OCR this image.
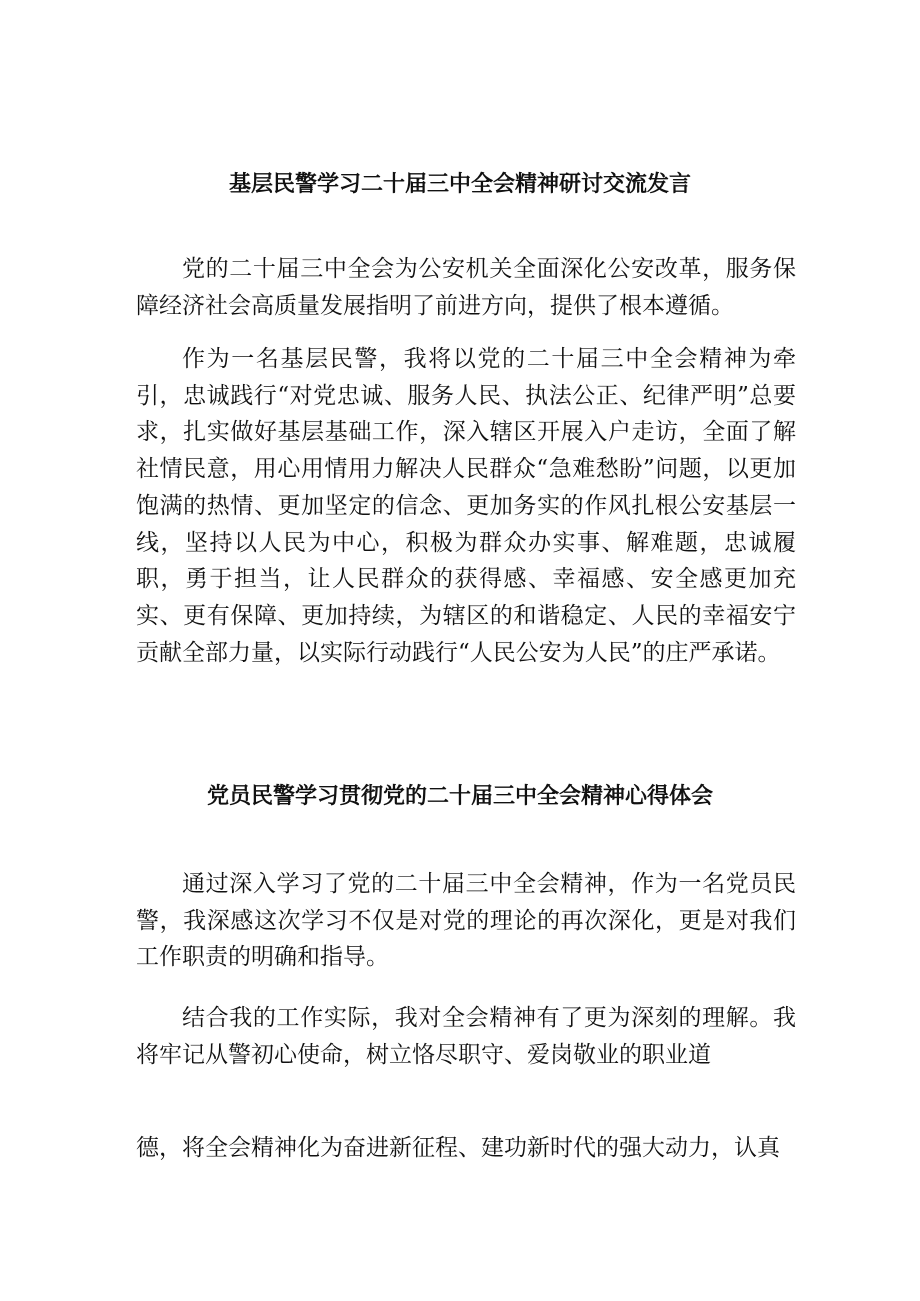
基层民警学习二十届三中全会精神研讨交流发言

党的二十届三中全会为公安机关全面深化公安改革，服务保障经济社会高质量发展指明了前进方向，提供了根本遵循。

作为一名基层民警，我将以党的二十届三中全会精神为牵引，忠诚践行“对党忠诚、服务人民、执法公正、纪律严明”总要求，扎实做好基层基础工作，深入辖区开展入户走访，全面了解社情民意，用心用情用力解决人民群众“急难愁盼”问题，以更加饱满的热情、更加坚定的信念、更加务实的作风扎根公安基层一线，坚持以人民为中心，积极为群众办实事、解难题，忠诚履职，勇于担当，让人民群众的获得感、幸福感、安全感更加充实、更有保障、更加持续，为辖区的和谐稳定、人民的幸福安宁贡献全部力量，以实际行动践行“人民公安为人民”的庄严承诺。

党员民警学习贯彻党的二十届三中全会精神心得体会

通过深入学习了党的二十届三中全会精神，作为一名党员民警，我深感这次学习不仅是对党的理论的再次深化，更是对我们工作职责的明确和指导。

结合我的工作实际，我对全会精神有了更为深刻的理解。我将牢记从警初心使命，树立恪尽职守、爱岗敬业的职业道

德，将全会精神化为奋进新征程、建功新时代的强大动力，认真
